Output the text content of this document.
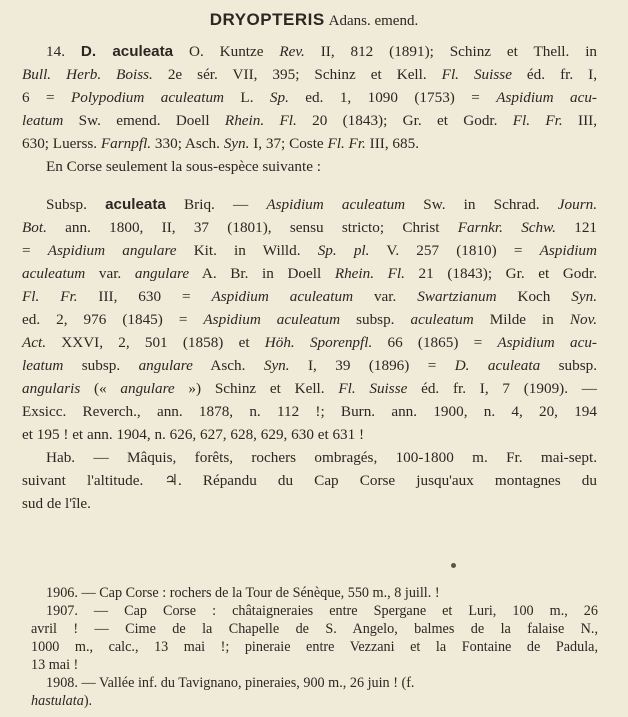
DRYOPTERIS Adans. emend.

14. D. aculeata O. Kuntze Rev. II, 812 (1891); Schinz et Thell. in

Bull. Herb. Boiss. 2e sér. VII, 395; Schinz et Kell. Fl. Suisse éd. fr. I,

6 = Polypodium aculeatum L. Sp. ed. 1, 1090 (1753) = Aspidium acu-

leatum Sw. emend. Doell Rhein. Fl. 20 (1843); Gr. et Godr. Fl. Fr. III,

630; Luerss. Farnpfl. 330; Asch. Syn. I, 37; Coste Fl. Fr. III, 685.

En Corse seulement la sous-espèce suivante :

Subsp. aculeata Briq. — Aspidium aculeatum Sw. in Schrad. Journ.

Bot. ann. 1800, II, 37 (1801), sensu stricto; Christ Farnkr. Schw. 121

= Aspidium angulare Kit. in Willd. Sp. pl. V. 257 (1810) = Aspidium

aculeatum var. angulare A. Br. in Doell Rhein. Fl. 21 (1843); Gr. et Godr.

Fl. Fr. III, 630 = Aspidium aculeatum var. Swartzianum Koch Syn.

ed. 2, 976 (1845) = Aspidium aculeatum subsp. aculeatum Milde in Nov.

Act. XXVI, 2, 501 (1858) et Höh. Sporenpfl. 66 (1865) = Aspidium acu-

leatum subsp. angulare Asch. Syn. I, 39 (1896) = D. aculeata subsp.

angularis (« angulare ») Schinz et Kell. Fl. Suisse éd. fr. I, 7 (1909). —

Exsicc. Reverch., ann. 1878, n. 112 !; Burn. ann. 1900, n. 4, 20, 194

et 195 ! et ann. 1904, n. 626, 627, 628, 629, 630 et 631 !

Hab. — Mâquis, forêts, rochers ombragés, 100-1800 m. Fr. mai-sept.

suivant l'altitude. ♃. Répandu du Cap Corse jusqu'aux montagnes du

sud de l'île.

1906. — Cap Corse : rochers de la Tour de Sénèque, 550 m., 8 juill. !

1907. — Cap Corse : châtaigneraies entre Spergane et Luri, 100 m., 26

avril ! — Cime de la Chapelle de S. Angelo, balmes de la falaise N.,

1000 m., calc., 13 mai !; pineraie entre Vezzani et la Fontaine de Padula,

13 mai !

1908. — Vallée inf. du Tavignano, pineraies, 900 m., 26 juin ! (f.

hastulata).
